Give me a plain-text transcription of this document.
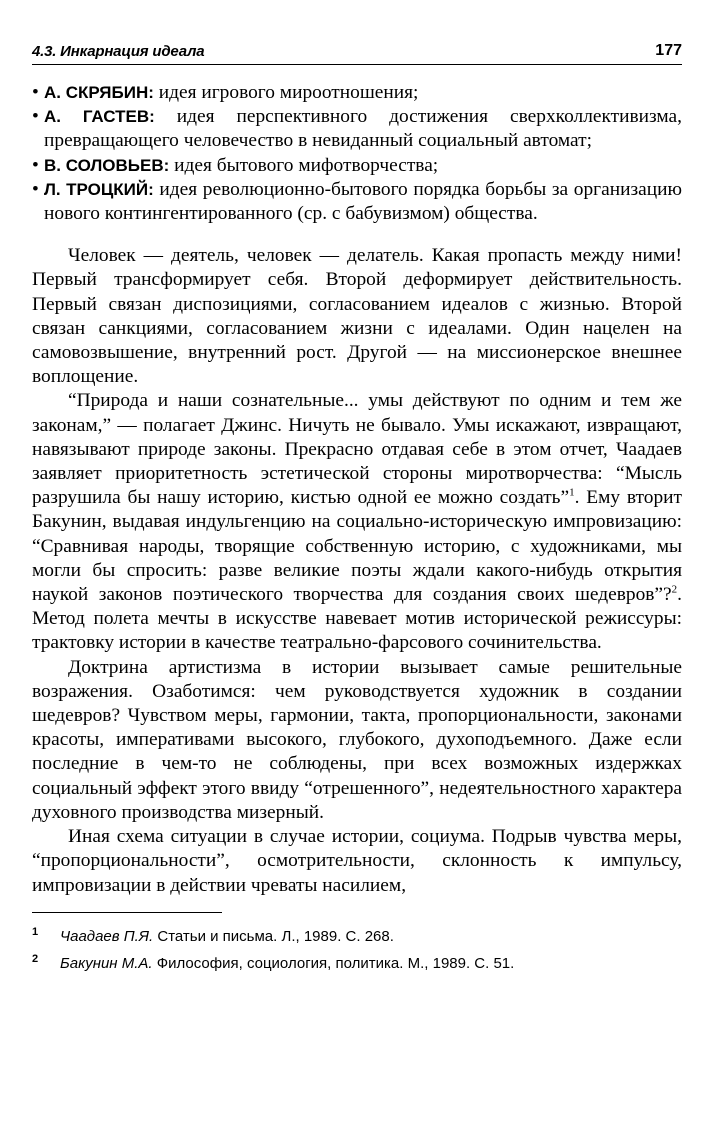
4.3. Инкарнация идеала	177
• А. СКРЯБИН: идея игрового мироотношения;
• А. ГАСТЕВ: идея перспективного достижения сверхколлективизма, превращающего человечество в невиданный социальный автомат;
• В. СОЛОВЬЕВ: идея бытового мифотворчества;
• Л. ТРОЦКИЙ: идея революционно-бытового порядка борьбы за организацию нового контингентированного (ср. с бабувизмом) общества.

Человек — деятель, человек — делатель. Какая пропасть между ними! Первый трансформирует себя. Второй деформирует действительность. Первый связан диспозициями, согласованием идеалов с жизнью. Второй связан санкциями, согласованием жизни с идеалами. Один нацелен на самовозвышение, внутренний рост. Другой — на миссионерское внешнее воплощение.

“Природа и наши сознательные... умы действуют по одним и тем же законам,” — полагает Джинс. Ничуть не бывало. Умы искажают, извращают, навязывают природе законы. Прекрасно отдавая себе в этом отчет, Чаадаев заявляет приоритетность эстетической стороны миротворчества: “Мысль разрушила бы нашу историю, кистью одной ее можно создать”$^1$. Ему вторит Бакунин, выдавая индульгенцию на социально-историческую импровизацию: “Сравнивая народы, творящие собственную историю, с художниками, мы могли бы спросить: разве великие поэты ждали какого-нибудь открытия наукой законов поэтического творчества для создания своих шедевров”?$^2$. Метод полета мечты в искусстве навевает мотив исторической режиссуры: трактовку истории в качестве театрально-фарсового сочинительства.

Доктрина артистизма в истории вызывает самые решительные возражения. Озаботимся: чем руководствуется художник в создании шедевров? Чувством меры, гармонии, такта, пропорциональности, законами красоты, императивами высокого, глубокого, духоподъемного. Даже если последние в чем-то не соблюдены, при всех возможных издержках социальный эффект этого ввиду “отрешенного”, недеятельностного характера духовного производства мизерный.

Иная схема ситуации в случае истории, социума. Подрыв чувства меры, “пропорциональности”, осмотрительности, склонность к импульсу, импровизации в действии чреваты насилием,

1 Чаадаев П.Я. Статьи и письма. Л., 1989. С. 268.
2 Бакунин М.А. Философия, социология, политика. М., 1989. С. 51.
